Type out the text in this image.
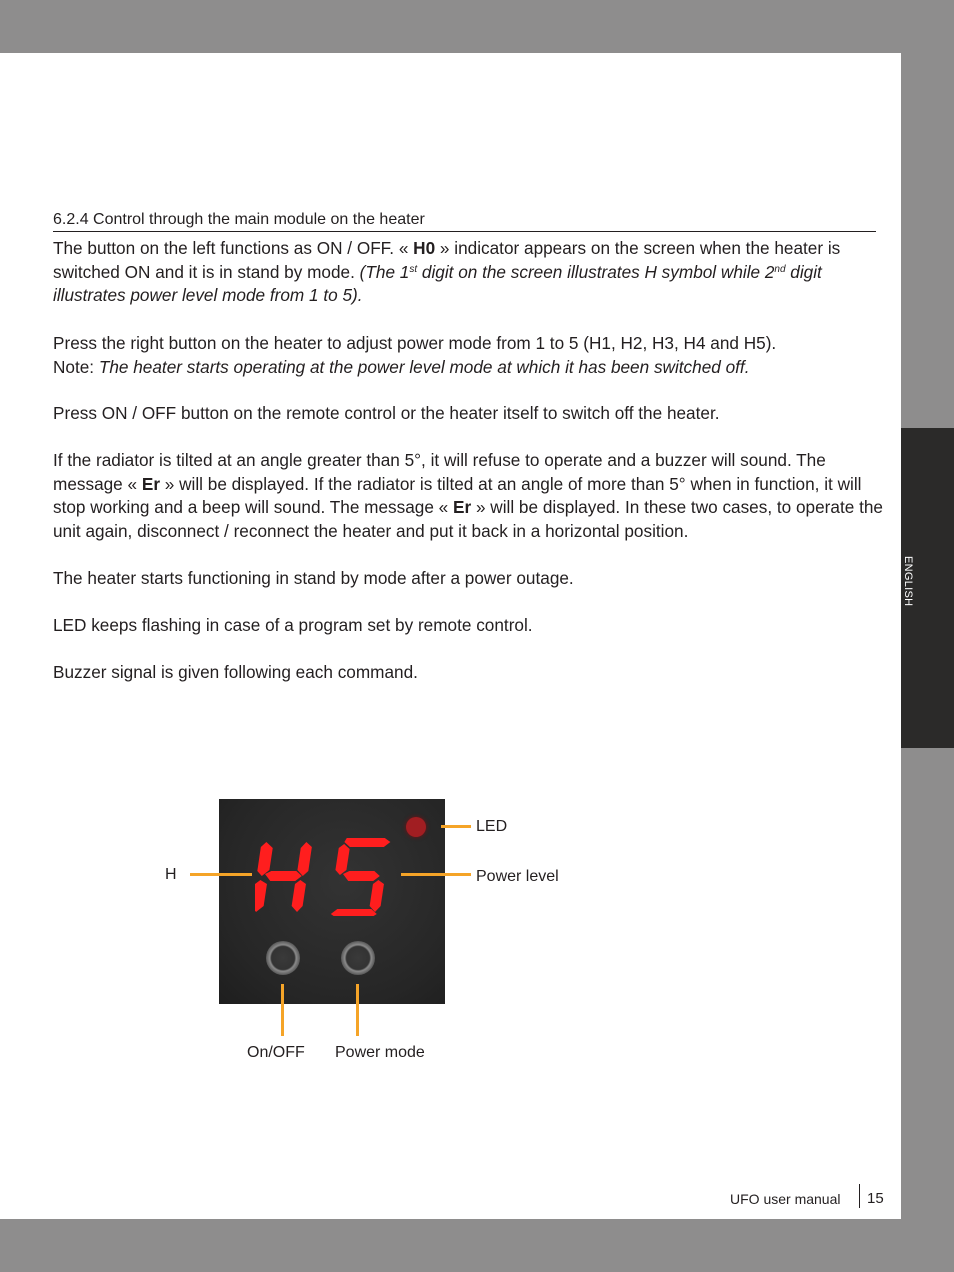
6.2.4 Control through the main module on the heater

The button on the left functions as ON / OFF. « H0 » indicator appears on the screen when the heater is switched ON and it is in stand by mode. (The 1st digit on the screen illustrates H symbol while 2nd digit illustrates power level mode from 1 to 5).

Press the right button on the heater to adjust power mode from 1 to 5 (H1, H2, H3, H4 and H5).
Note: The heater starts operating at the power level mode at which it has been switched off.

Press ON / OFF button on the remote control or the heater itself to switch off the heater.

If the radiator is tilted at an angle greater than 5°, it will refuse to operate and a buzzer will sound. The message « Er » will be displayed. If the radiator is tilted at an angle of more than 5° when in function, it will stop working and a beep will sound. The message « Er » will be displayed. In these two cases, to operate the unit again, disconnect / reconnect the heater and put it back in a horizontal position.

The heater starts functioning in stand by mode after a power outage.

LED keeps flashing in case of a program set by remote control.

Buzzer signal is given following each command.

LED
H	Power level
On/OFF Power mode
UFO user manual 15
